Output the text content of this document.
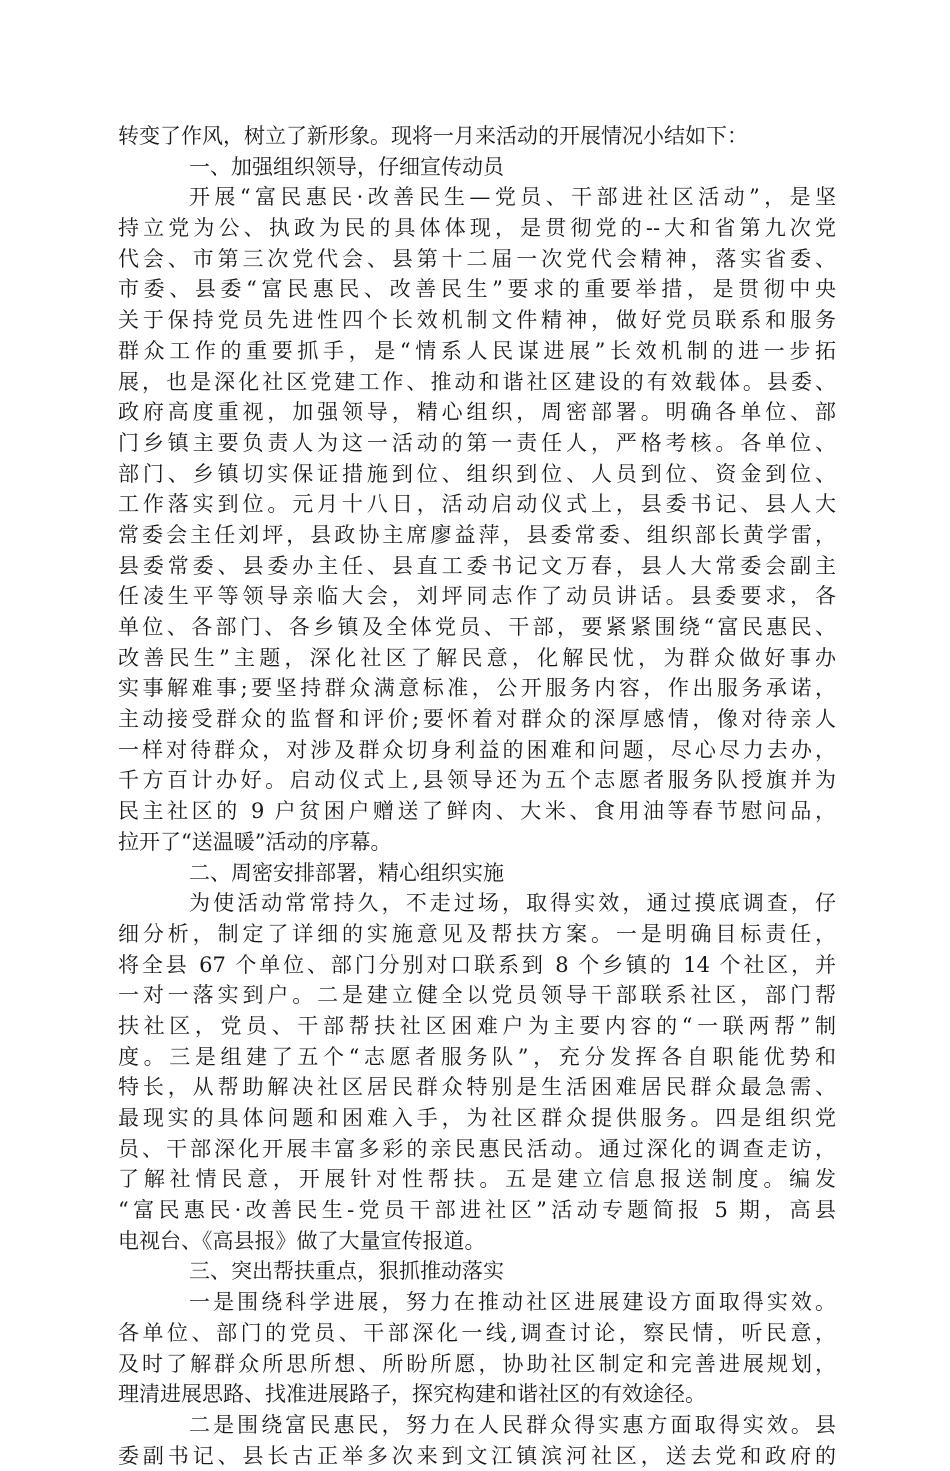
转变了作风，树立了新形象。现将一月来活动的开展情况小结如下：
一、加强组织领导，仔细宣传动员
开展“富民惠民·改善民生—党员、干部进社区活动”，是坚
持立党为公、执政为民的具体体现，是贯彻党的--大和省第九次党
代会、市第三次党代会、县第十二届一次党代会精神，落实省委、
市委、县委“富民惠民、改善民生”要求的重要举措，是贯彻中央
关于保持党员先进性四个长效机制文件精神，做好党员联系和服务
群众工作的重要抓手，是“情系人民谋进展”长效机制的进一步拓
展，也是深化社区党建工作、推动和谐社区建设的有效载体。县委、
政府高度重视，加强领导，精心组织，周密部署。明确各单位、部
门乡镇主要负责人为这一活动的第一责任人，严格考核。各单位、
部门、乡镇切实保证措施到位、组织到位、人员到位、资金到位、
工作落实到位。元月十八日，活动启动仪式上，县委书记、县人大
常委会主任刘坪，县政协主席廖益萍，县委常委、组织部长黄学雷，
县委常委、县委办主任、县直工委书记文万春，县人大常委会副主
任凌生平等领导亲临大会，刘坪同志作了动员讲话。县委要求，各
单位、各部门、各乡镇及全体党员、干部，要紧紧围绕“富民惠民、
改善民生”主题，深化社区了解民意，化解民忧，为群众做好事办
实事解难事;要坚持群众满意标准，公开服务内容，作出服务承诺，
主动接受群众的监督和评价;要怀着对群众的深厚感情，像对待亲人
一样对待群众，对涉及群众切身利益的困难和问题，尽心尽力去办，
千方百计办好。启动仪式上,县领导还为五个志愿者服务队授旗并为
民主社区的 9 户贫困户赠送了鲜肉、大米、食用油等春节慰问品，
拉开了“送温暖”活动的序幕。
二、周密安排部署，精心组织实施
为使活动常常持久，不走过场，取得实效，通过摸底调查，仔
细分析，制定了详细的实施意见及帮扶方案。一是明确目标责任，
将全县 67 个单位、部门分别对口联系到 8 个乡镇的 14 个社区，并
一对一落实到户。二是建立健全以党员领导干部联系社区，部门帮
扶社区，党员、干部帮扶社区困难户为主要内容的“一联两帮”制
度。三是组建了五个“志愿者服务队”，充分发挥各自职能优势和
特长，从帮助解决社区居民群众特别是生活困难居民群众最急需、
最现实的具体问题和困难入手，为社区群众提供服务。四是组织党
员、干部深化开展丰富多彩的亲民惠民活动。通过深化的调查走访，
了解社情民意，开展针对性帮扶。五是建立信息报送制度。编发
“富民惠民·改善民生-党员干部进社区”活动专题简报 5 期，高县
电视台、《高县报》做了大量宣传报道。
三、突出帮扶重点，狠抓推动落实
一是围绕科学进展，努力在推动社区进展建设方面取得实效。
各单位、部门的党员、干部深化一线,调查讨论，察民情，听民意，
及时了解群众所思所想、所盼所愿，协助社区制定和完善进展规划，
理清进展思路、找准进展路子，探究构建和谐社区的有效途径。
二是围绕富民惠民，努力在人民群众得实惠方面取得实效。县
委副书记、县长古正举多次来到文江镇滨河社区，送去党和政府的
